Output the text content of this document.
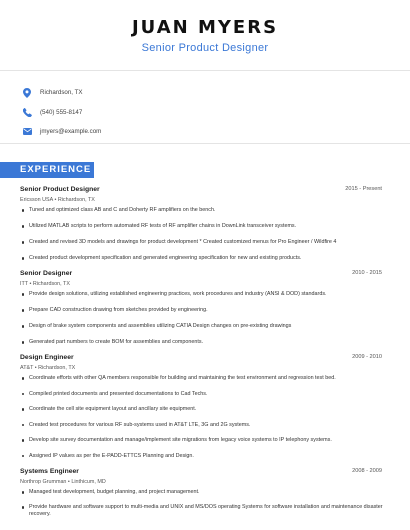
JUAN MYERS
Senior Product Designer
Richardson, TX
(540) 555-8147
jmyers@example.com
EXPERIENCE
Senior Product Designer	2015 - Present
Ericsson USA • Richardson, TX
Tuned and optimized class AB and C and Doherty RF amplifiers on the bench.
Utilized MATLAB scripts to perform automated RF tests of RF amplifier chains in DownLink transceiver systems.
Created and revised 3D models and drawings for product development * Created customized menus for Pro Engineer / Wildfire 4
Created product development specification and generated engineering specification for new and existing products.
Senior Designer	2010 - 2015
ITT • Richardson, TX
Provide design solutions, utilizing established engineering practices, work procedures and industry (ANSI & DOD) standards.
Prepare CAD construction drawing from sketches provided by engineering.
Design of brake system components and assemblies utilizing CATIA Design changes on pre-existing drawings
Generated part numbers to create BOM for assemblies and components.
Design Engineer	2009 - 2010
AT&T • Richardson, TX
Coordinate efforts with other QA members responsible for building and maintaining the test environment and regression test bed.
Compiled printed documents and presented documentations to Cad Techs.
Coordinate the cell site equipment layout and ancillary site equipment.
Created test procedures for various RF sub-systems used in AT&T LTE, 3G and 2G systems.
Develop site survey documentation and manage/implement site migrations from legacy voice systems to IP telephony systems.
Assigned IP values as per the E-PADD-ETTCS Planning and Design.
Systems Engineer	2008 - 2009
Northrop Grumman • Linthicum, MD
Managed test development, budget planning, and project management.
Provide hardware and software support to multi-media and UNIX and MS/DOS operating Systems for software installation and maintenance disaster recovery.
